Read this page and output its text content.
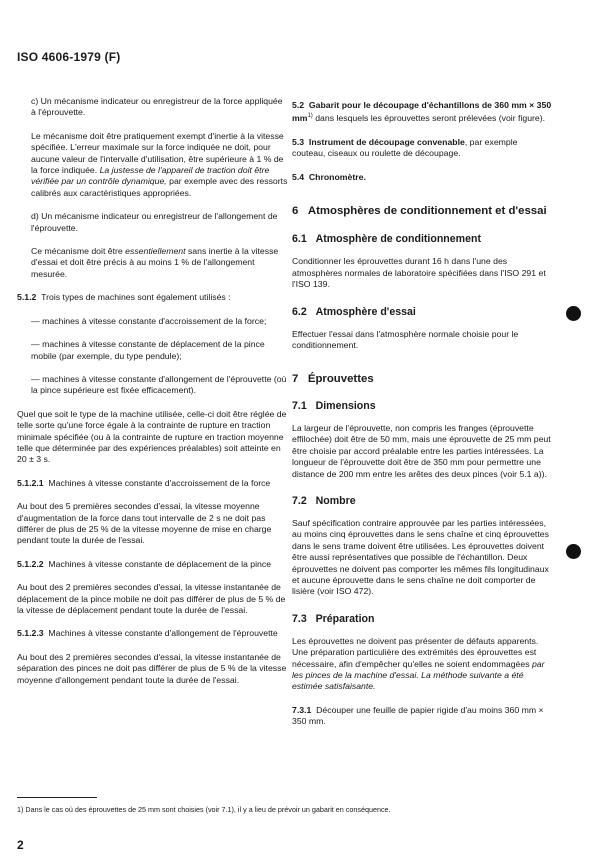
ISO 4606-1979 (F)

c) Un mécanisme indicateur ou enregistreur de la force appliquée à l'éprouvette.

Le mécanisme doit être pratiquement exempt d'inertie à la vitesse spécifiée. L'erreur maximale sur la force indiquée ne doit, pour aucune valeur de l'intervalle d'utilisation, être supérieure à 1 % de la force indiquée. La justesse de l'appareil de traction doit être vérifiée par un contrôle dynamique, par exemple avec des ressorts calibrés aux caractéristiques appropriées.

d) Un mécanisme indicateur ou enregistreur de l'allongement de l'éprouvette.

Ce mécanisme doit être essentiellement sans inertie à la vitesse d'essai et doit être précis à au moins 1 % de l'allongement mesurée.

5.1.2 Trois types de machines sont également utilisés :

— machines à vitesse constante d'accroissement de la force;

— machines à vitesse constante de déplacement de la pince mobile (par exemple, du type pendule);

— machines à vitesse constante d'allongement de l'éprouvette (où la pince supérieure est fixée efficacement).

Quel que soit le type de la machine utilisée, celle-ci doit être réglée de telle sorte qu'une force égale à la contrainte de rupture en traction minimale spécifiée (ou à la contrainte de rupture en traction moyenne telle que déterminée par des expériences préalables) soit atteinte en 20 ± 3 s.

5.1.2.1 Machines à vitesse constante d'accroissement de la force

Au bout des 5 premières secondes d'essai, la vitesse moyenne d'augmentation de la force dans tout intervalle de 2 s ne doit pas différer de plus de 25 % de la vitesse moyenne de mise en charge pendant toute la durée de l'essai.

5.1.2.2 Machines à vitesse constante de déplacement de la pince

Au bout des 2 premières secondes d'essai, la vitesse instantanée de déplacement de la pince mobile ne doit pas différer de plus de 5 % de la vitesse de déplacement pendant toute la durée de l'essai.

5.1.2.3 Machines à vitesse constante d'allongement de l'éprouvette

Au bout des 2 premières secondes d'essai, la vitesse instantanée de séparation des pinces ne doit pas différer de plus de 5 % de la vitesse moyenne d'allongement pendant toute la durée de l'essai.

5.2 Gabarit pour le découpage d'échantillons de 360 mm × 350 $mm^{1)}$ dans lesquels les éprouvettes seront prélevées (voir figure).

5.3 Instrument de découpage convenable, par exemple couteau, ciseaux ou roulette de découpage.

5.4 Chronomètre.

6 Atmosphères de conditionnement et d'essai

6.1 Atmosphère de conditionnement

Conditionner les éprouvettes durant 16 h dans l'une des atmosphères normales de laboratoire spécifiées dans l'ISO 291 et l'ISO 139.

6.2 Atmosphère d'essai

Effectuer l'essai dans l'atmosphère normale choisie pour le conditionnement.

7 Éprouvettes

7.1 Dimensions

La largeur de l'éprouvette, non compris les franges (éprouvette effilochée) doit être de 50 mm, mais une éprouvette de 25 mm peut être choisie par accord préalable entre les parties intéressées. La longueur de l'éprouvette doit être de 350 mm pour permettre une distance de 200 mm entre les arêtes des deux pinces (voir 5.1 a)).

7.2 Nombre

Sauf spécification contraire approuvée par les parties intéressées, au moins cinq éprouvettes dans le sens chaîne et cinq éprouvettes dans le sens trame doivent être utilisées. Les éprouvettes doivent être aussi représentatives que possible de l'échantillon. Deux éprouvettes ne doivent pas comporter les mêmes fils longitudinaux et aucune éprouvette dans le sens chaîne ne doit comporter de lisière (voir ISO 472).

7.3 Préparation

Les éprouvettes ne doivent pas présenter de défauts apparents. Une préparation particulière des extrémités des éprouvettes est nécessaire, afin d'empêcher qu'elles ne soient endommagées par les pinces de la machine d'essai. La méthode suivante a été estimée satisfaisante.

7.3.1 Découper une feuille de papier rigide d'au moins 360 mm × 350 mm.

1) Dans le cas où des éprouvettes de 25 mm sont choisies (voir 7.1), il y a lieu de prévoir un gabarit en conséquence.
2
